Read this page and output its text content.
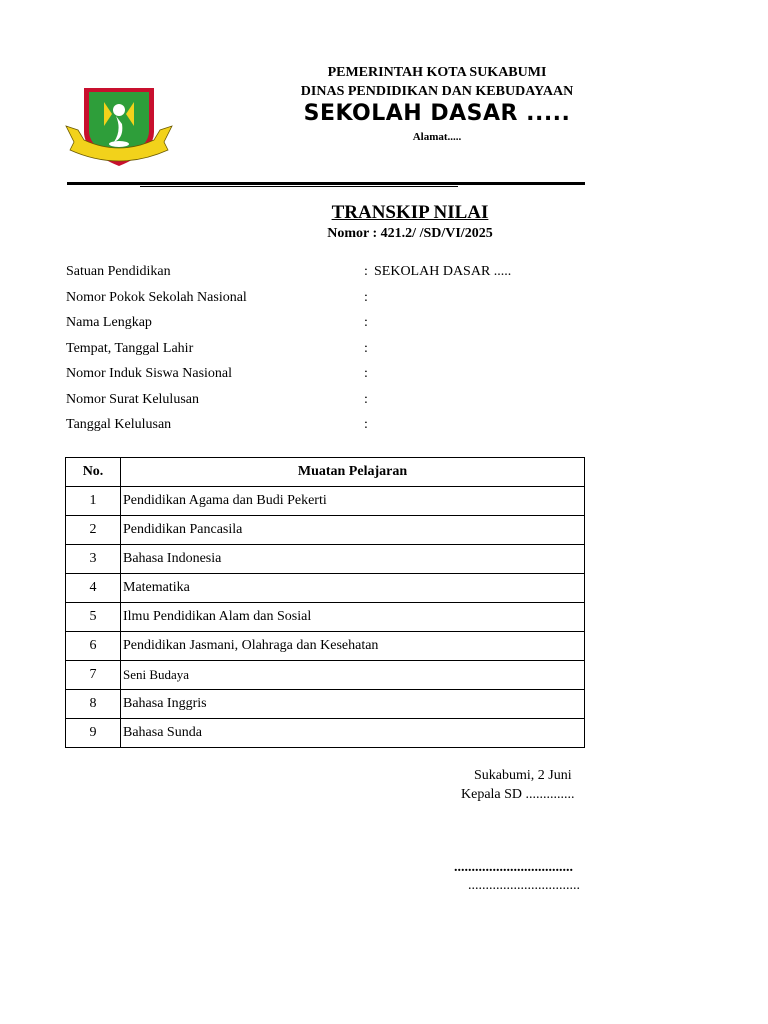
PEMERINTAH KOTA SUKABUMI
DINAS PENDIDIKAN DAN KEBUDAYAAN
SEKOLAH DASAR .....
Alamat.....
TRANSKIP NILAI
Nomor : 421.2/ /SD/VI/2025
Satuan Pendidikan	: SEKOLAH DASAR .....
Nomor Pokok Sekolah Nasional	:
Nama Lengkap	:
Tempat, Tanggal Lahir	:
Nomor Induk Siswa Nasional	:
Nomor Surat Kelulusan	:
Tanggal Kelulusan	:
No.	Muatan Pelajaran
1	Pendidikan Agama dan Budi Pekerti
2	Pendidikan Pancasila
3	Bahasa Indonesia
4	Matematika
5	Ilmu Pendidikan Alam dan Sosial
6	Pendidikan Jasmani, Olahraga dan Kesehatan
7	Seni Budaya
8	Bahasa Inggris
9	Bahasa Sunda
Sukabumi, 2 Juni
Kepala SD ..............
..................................
................................
